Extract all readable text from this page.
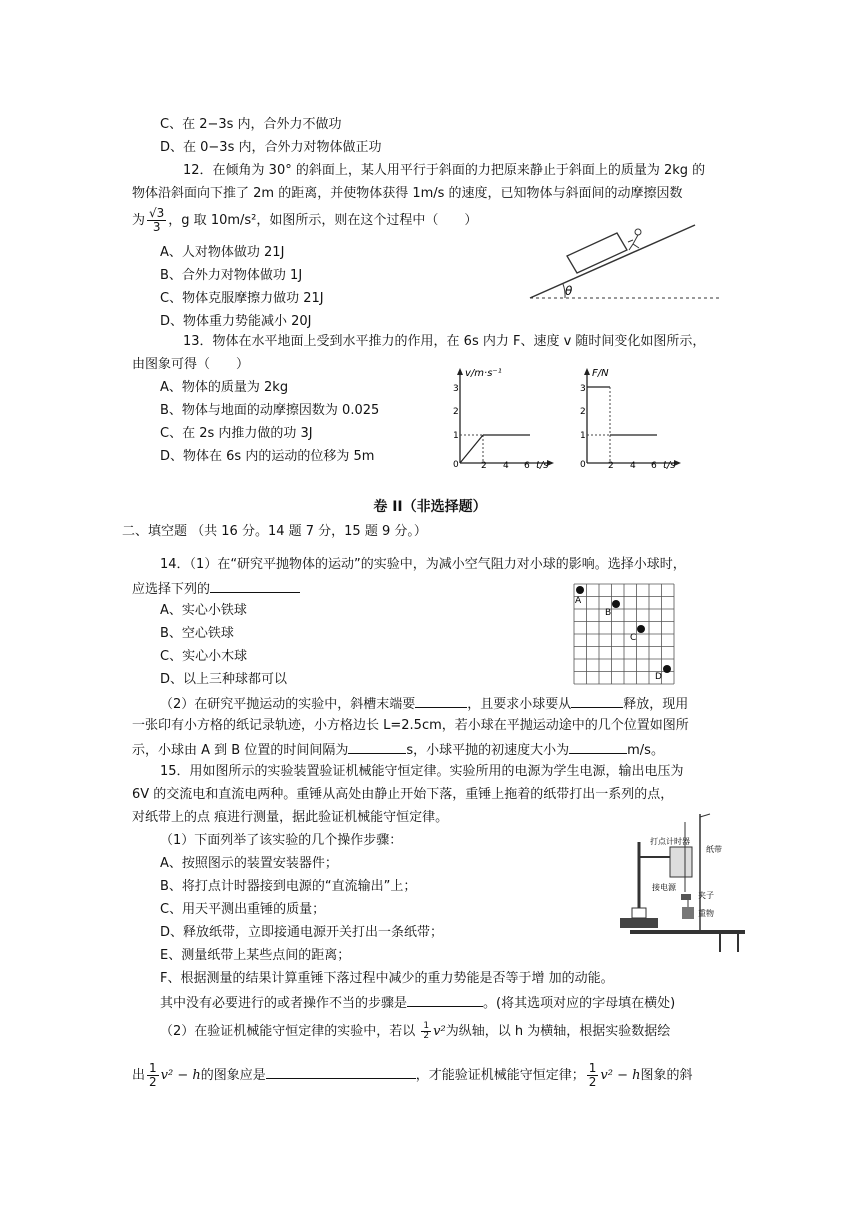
C、在 2−3s 内，合外力不做功
D、在 0−3s 内，合外力对物体做正功
12．在倾角为 30° 的斜面上，某人用平行于斜面的力把原来静止于斜面上的质量为 2kg 的
物体沿斜面向下推了 2m 的距离，并使物体获得 1m/s 的速度，已知物体与斜面间的动摩擦因数
为 $\frac{√3}{3}$ ，g 取 10m/s²，如图所示，则在这个过程中（　　）
A、人对物体做功 21J
B、合外力对物体做功 1J
C、物体克服摩擦力做功 21J
D、物体重力势能减小 20J
θ
13．物体在水平地面上受到水平推力的作用，在 6s 内力 F、速度 v 随时间变化如图所示，
由图象可得（　　）
A、物体的质量为 2kg
B、物体与地面的动摩擦因数为 0.025
C、在 2s 内推力做的功 3J
D、物体在 6s 内的运动的位移为 5m
v/m·s⁻¹
t/s
3
2
1
0 2 4 6
F/N
t/s
3
2
1
0 2 4 6
卷 II（非选择题）
二、填空题 （共 16 分。14 题 7 分，15 题 9 分。）
14．（1）在“研究平抛物体的运动”的实验中，为减小空气阻力对小球的影响。选择小球时，
应选择下列的
A、实心小铁球
B、空心铁球
C、实心小木球
D、以上三种球都可以
A
B
C
D
（2）在研究平抛运动的实验中，斜槽末端要	，且要求小球要从	释放，现用
一张印有小方格的纸记录轨迹，小方格边长 L=2.5cm，若小球在平抛运动途中的几个位置如图所
示，小球由 A 到 B 位置的时间间隔为	s，小球平抛的初速度大小为	m/s。
15．用如图所示的实验装置验证机械能守恒定律。实验所用的电源为学生电源，输出电压为
6V 的交流电和直流电两种。重锤从高处由静止开始下落，重锤上拖着的纸带打出一系列的点，
对纸带上的点 痕进行测量，据此验证机械能守恒定律。
（1）下面列举了该实验的几个操作步骤：
A、按照图示的装置安装器件；
B、将打点计时器接到电源的“直流输出”上；
C、用天平测出重锤的质量；
D、释放纸带，立即接通电源开关打出一条纸带；
E、测量纸带上某些点间的距离；
F、根据测量的结果计算重锤下落过程中减少的重力势能是否等于增 加的动能。
其中没有必要进行的或者操作不当的步骤是	。(将其选项对应的字母填在横处)
打点计时器
纸带
接电源
夹子
重物
（2）在验证机械能守恒定律的实验中，若以 $\frac{1}{2} v^2$为纵轴，以 h 为横轴，根据实验数据绘
出 $\frac{1}{2} v^2 - h$的图象应是	，才能验证机械能守恒定律； $\frac{1}{2} v^2 - h$图象的斜
